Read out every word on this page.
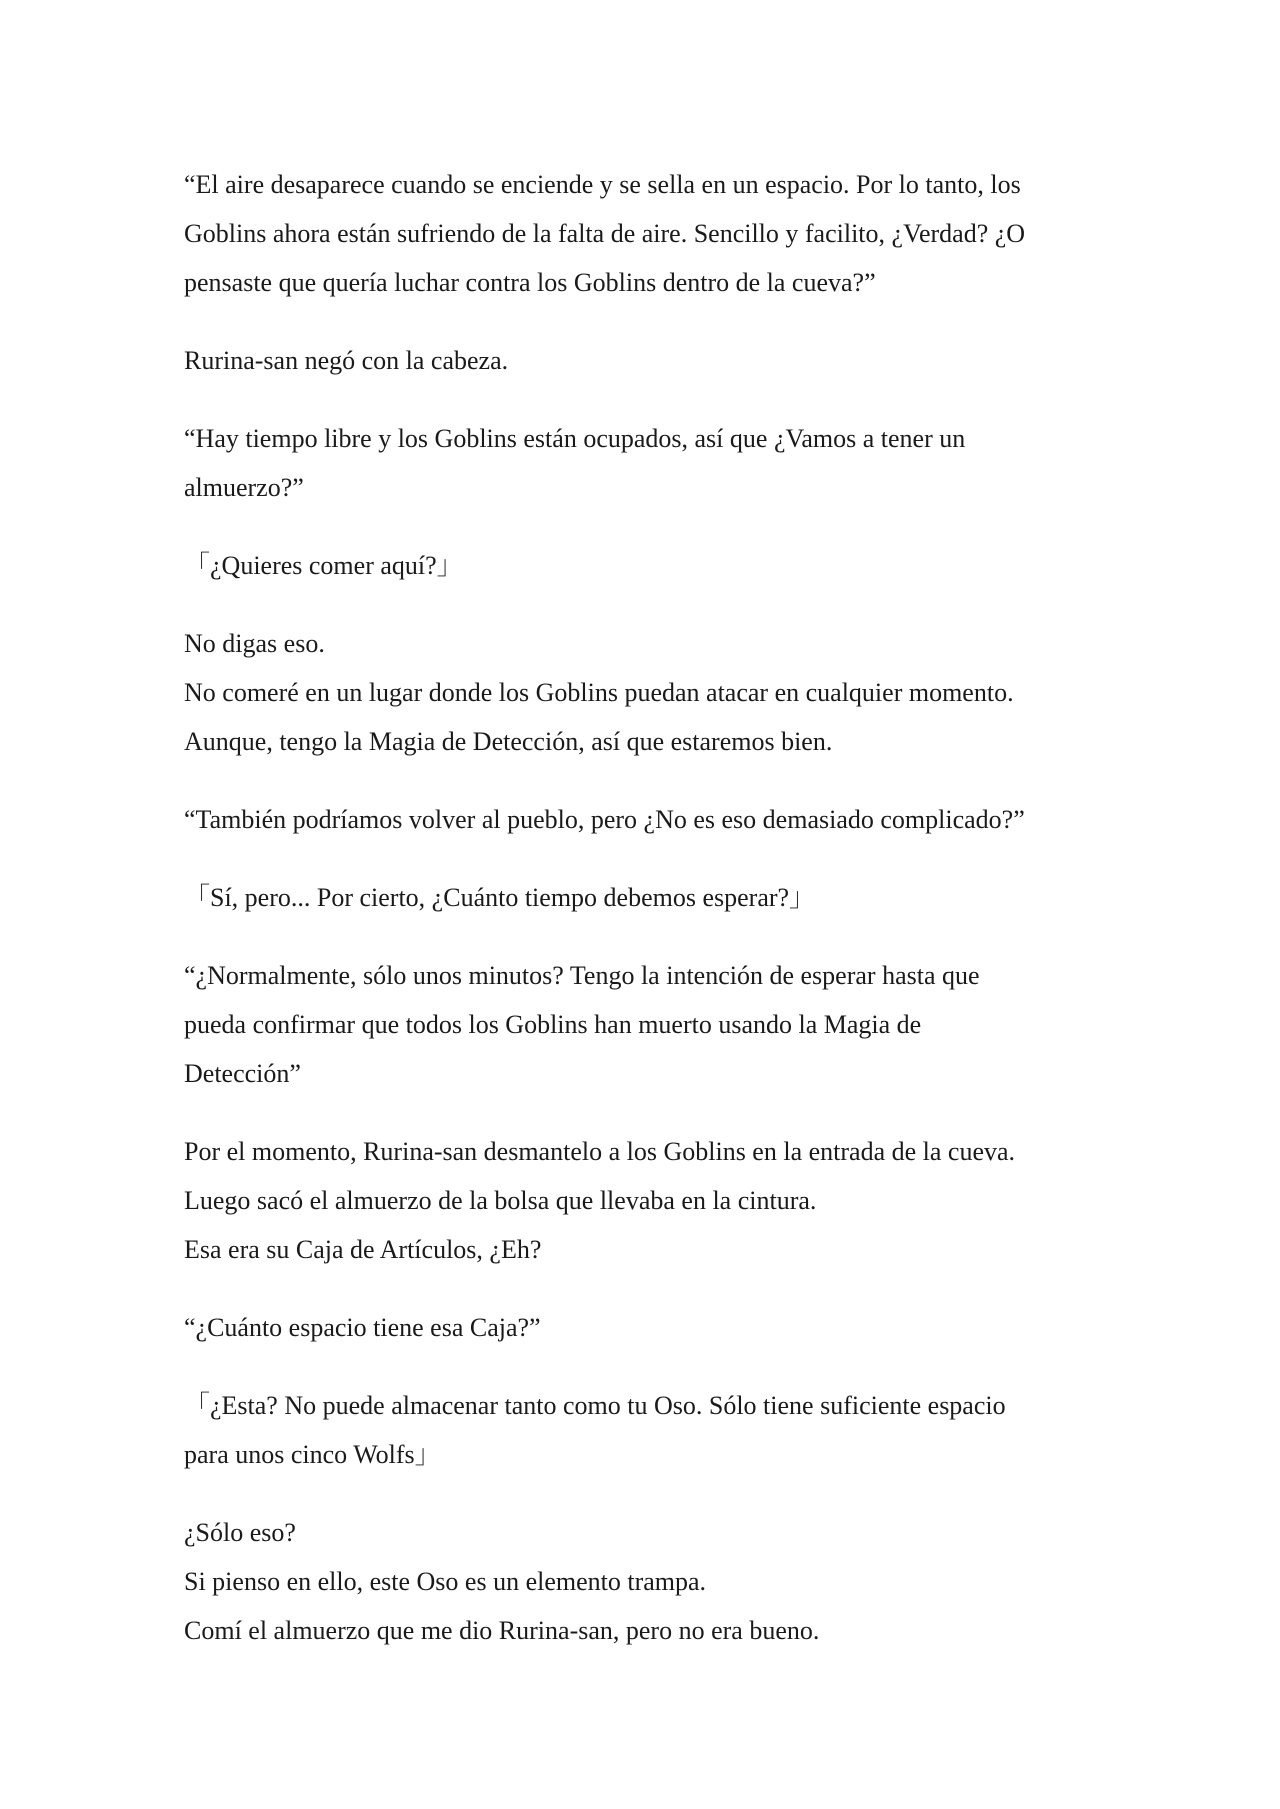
“El aire desaparece cuando se enciende y se sella en un espacio. Por lo tanto, los
Goblins ahora están sufriendo de la falta de aire. Sencillo y facilito, ¿Verdad? ¿O
pensaste que quería luchar contra los Goblins dentro de la cueva?”

Rurina-san negó con la cabeza.

“Hay tiempo libre y los Goblins están ocupados, así que ¿Vamos a tener un
almuerzo?”

「¿Quieres comer aquí?」

No digas eso.
No comeré en un lugar donde los Goblins puedan atacar en cualquier momento.
Aunque, tengo la Magia de Detección, así que estaremos bien.

“También podríamos volver al pueblo, pero ¿No es eso demasiado complicado?”

「Sí, pero... Por cierto, ¿Cuánto tiempo debemos esperar?」

“¿Normalmente, sólo unos minutos? Tengo la intención de esperar hasta que
pueda confirmar que todos los Goblins han muerto usando la Magia de
Detección”

Por el momento, Rurina-san desmantelo a los Goblins en la entrada de la cueva.
Luego sacó el almuerzo de la bolsa que llevaba en la cintura.
Esa era su Caja de Artículos, ¿Eh?

“¿Cuánto espacio tiene esa Caja?”

「¿Esta? No puede almacenar tanto como tu Oso. Sólo tiene suficiente espacio
para unos cinco Wolfs」

¿Sólo eso?
Si pienso en ello, este Oso es un elemento trampa.
Comí el almuerzo que me dio Rurina-san, pero no era bueno.
